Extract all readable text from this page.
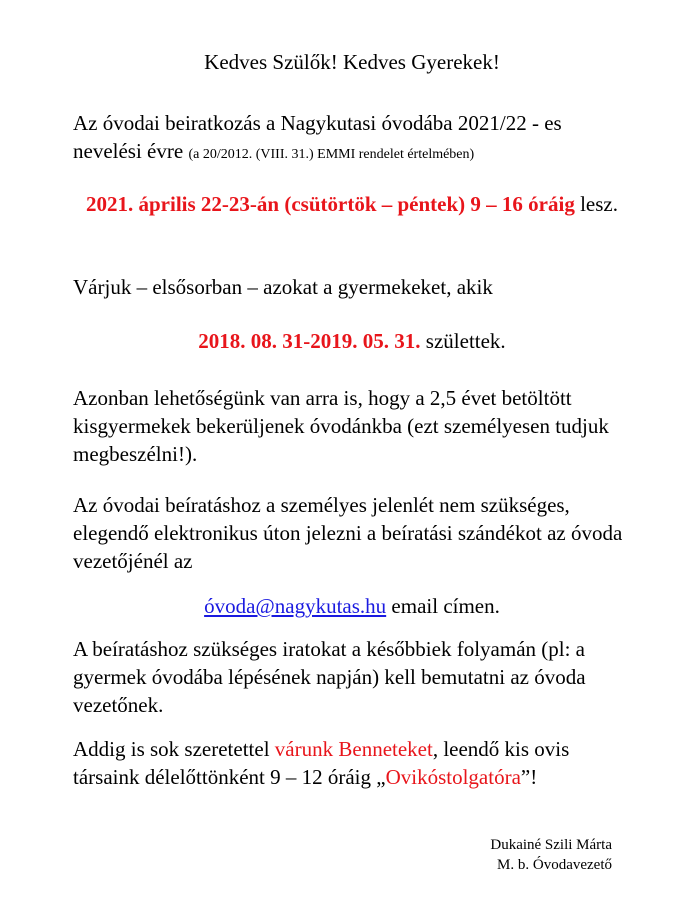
Kedves Szülők! Kedves Gyerekek!

Az óvodai beiratkozás a Nagykutasi óvodába 2021/22 - es nevelési évre (a 20/2012. (VIII. 31.) EMMI rendelet értelmében)

2021. április 22-23-án (csütörtök – péntek) 9 – 16 óráig lesz.

Várjuk – elsősorban – azokat a gyermekeket, akik

2018. 08. 31-2019. 05. 31. születtek.

Azonban lehetőségünk van arra is, hogy a 2,5 évet betöltött kisgyermekek bekerüljenek óvodánkba (ezt személyesen tudjuk megbeszélni!).

Az óvodai beíratáshoz a személyes jelenlét nem szükséges, elegendő elektronikus úton jelezni a beíratási szándékot az óvoda vezetőjénél az

óvoda@nagykutas.hu email címen.

A beíratáshoz szükséges iratokat a későbbiek folyamán (pl: a gyermek óvodába lépésének napján) kell bemutatni az óvoda vezetőnek.

Addig is sok szeretettel várunk Benneteket, leendő kis ovis társaink délelőttönként 9 – 12 óráig „Ovikóstolgatóra”!

Dukainé Szili Márta
M. b. Óvodavezető
